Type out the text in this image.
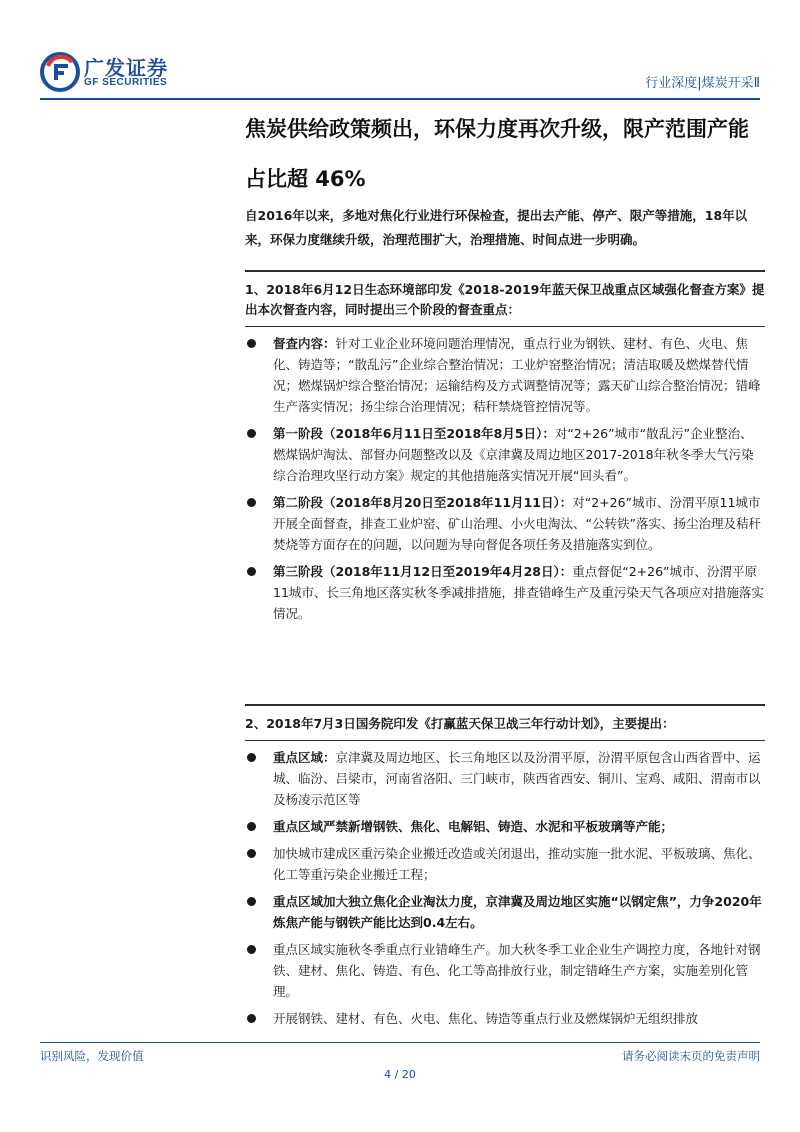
广发证券
GF SECURITIES	行业深度|煤炭开采Ⅱ
焦炭供给政策频出，环保力度再次升级，限产范围产能占比超 46%
自2016年以来，多地对焦化行业进行环保检查，提出去产能、停产、限产等措施，18年以来，环保力度继续升级，治理范围扩大，治理措施、时间点进一步明确。
1、2018年6月12日生态环境部印发《2018-2019年蓝天保卫战重点区域强化督查方案》提出本次督查内容，同时提出三个阶段的督查重点：
督查内容：针对工业企业环境问题治理情况，重点行业为钢铁、建材、有色、火电、焦化、铸造等；“散乱污”企业综合整治情况；工业炉窑整治情况；清洁取暖及燃煤替代情况；燃煤锅炉综合整治情况；运输结构及方式调整情况等；露天矿山综合整治情况；错峰生产落实情况；扬尘综合治理情况；秸秆禁烧管控情况等。
第一阶段（2018年6月11日至2018年8月5日）：对“2+26”城市“散乱污”企业整治、燃煤锅炉淘汰、部督办问题整改以及《京津冀及周边地区2017-2018年秋冬季大气污染综合治理攻坚行动方案》规定的其他措施落实情况开展“回头看”。
第二阶段（2018年8月20日至2018年11月11日）：对“2+26”城市、汾渭平原11城市开展全面督查，排查工业炉窑、矿山治理、小火电淘汰、“公转铁”落实、扬尘治理及秸秆焚烧等方面存在的问题，以问题为导向督促各项任务及措施落实到位。
第三阶段（2018年11月12日至2019年4月28日）：重点督促“2+26”城市、汾渭平原11城市、长三角地区落实秋冬季减排措施，排查错峰生产及重污染天气各项应对措施落实情况。
2、2018年7月3日国务院印发《打赢蓝天保卫战三年行动计划》，主要提出：
重点区域：京津冀及周边地区、长三角地区以及汾渭平原，汾渭平原包含山西省晋中、运城、临汾、吕梁市，河南省洛阳、三门峡市，陕西省西安、铜川、宝鸡、咸阳、渭南市以及杨凌示范区等
重点区域严禁新增钢铁、焦化、电解铝、铸造、水泥和平板玻璃等产能；
加快城市建成区重污染企业搬迁改造或关闭退出，推动实施一批水泥、平板玻璃、焦化、化工等重污染企业搬迁工程；
重点区域加大独立焦化企业淘汰力度，京津冀及周边地区实施“以钢定焦”，力争2020年炼焦产能与钢铁产能比达到0.4左右。
重点区域实施秋冬季重点行业错峰生产。加大秋冬季工业企业生产调控力度，各地针对钢铁、建材、焦化、铸造、有色、化工等高排放行业，制定错峰生产方案，实施差别化管理。
开展钢铁、建材、有色、火电、焦化、铸造等重点行业及燃煤锅炉无组织排放
识别风险，发现价值	请务必阅读末页的免责声明
4 / 20
